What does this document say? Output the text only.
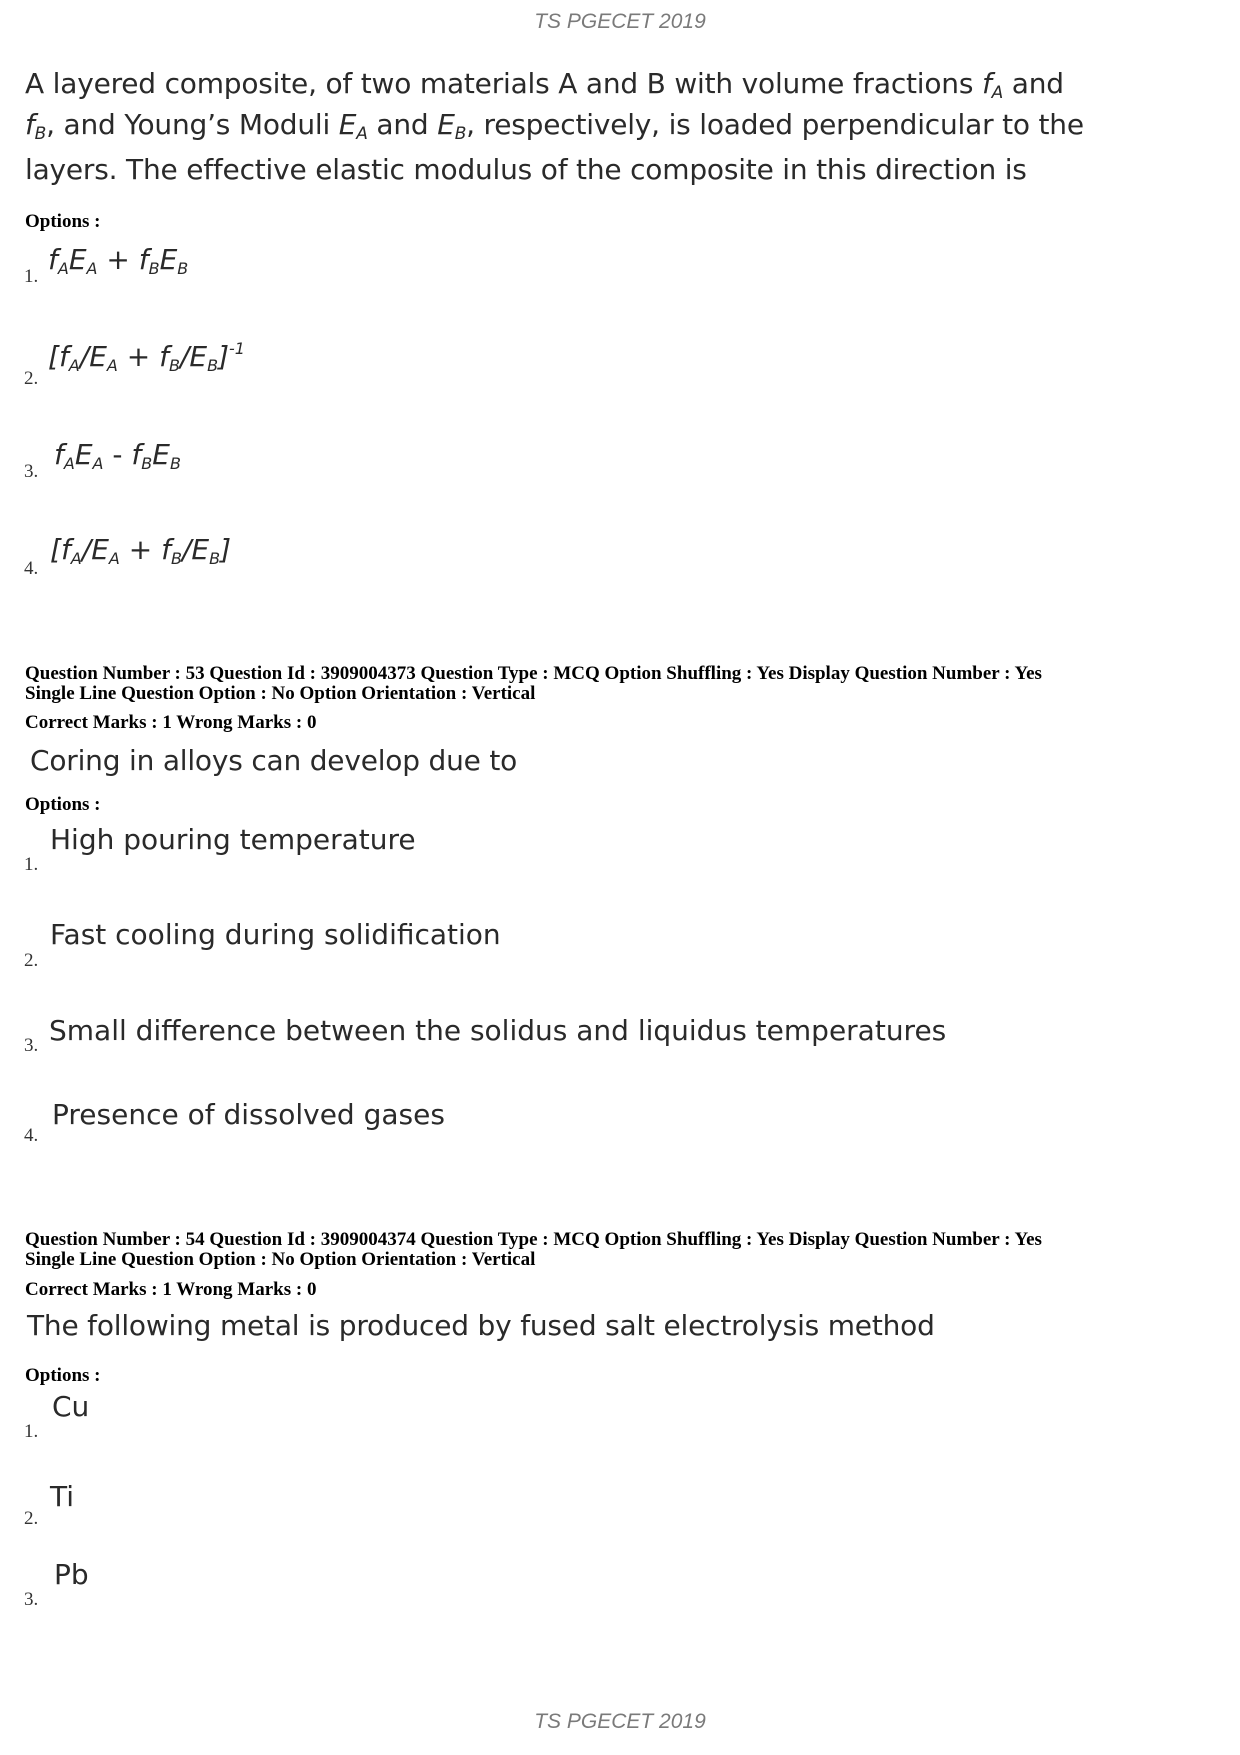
TS PGECET 2019
A layered composite, of two materials A and B with volume fractions $f_A$ and
$f_B$, and Young’s Moduli $E_A$ and $E_B$, respectively, is loaded perpendicular to the
layers. The effective elastic modulus of the composite in this direction is
Options :
1.
$f_AE_A + f_BE_B$
2.
$[f_A/E_A + f_B/E_B]^{-1}$
3.
$f_AE_A - f_BE_B$
4.
$[f_A/E_A + f_B/E_B]$
Question Number : 53 Question Id : 3909004373 Question Type : MCQ Option Shuffling : Yes Display Question Number : Yes
Single Line Question Option : No Option Orientation : Vertical
Correct Marks : 1 Wrong Marks : 0
Coring in alloys can develop due to
Options :
1.
High pouring temperature
2.
Fast cooling during solidification
3. Small difference between the solidus and liquidus temperatures
4.
Presence of dissolved gases
Question Number : 54 Question Id : 3909004374 Question Type : MCQ Option Shuffling : Yes Display Question Number : Yes
Single Line Question Option : No Option Orientation : Vertical
Correct Marks : 1 Wrong Marks : 0
The following metal is produced by fused salt electrolysis method
Options :
1.
Cu
2.
Ti
3.
Pb
TS PGECET 2019
